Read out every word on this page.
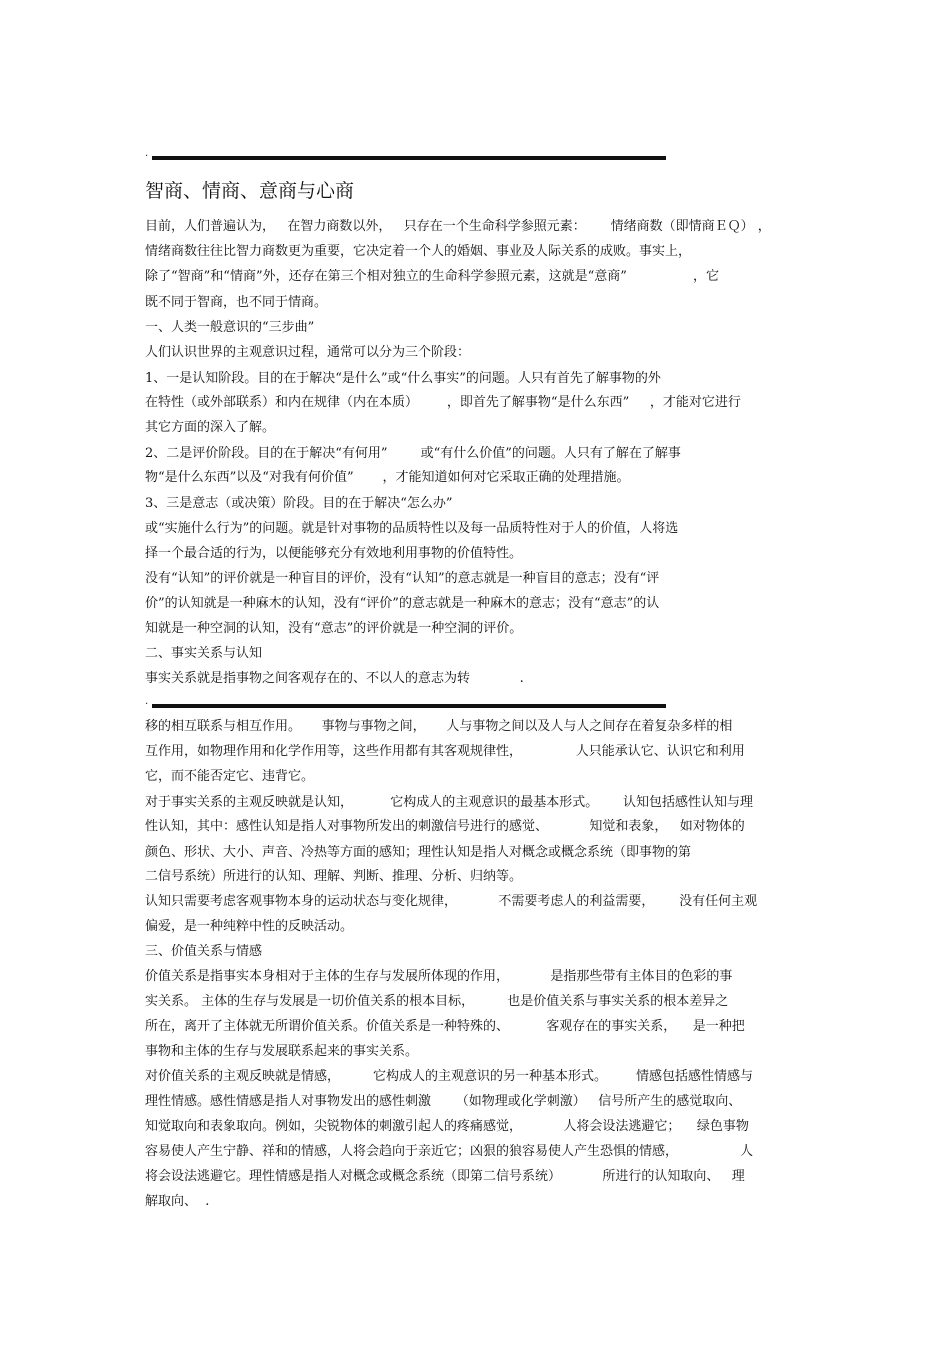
·
智商、情商、意商与心商
目前，人们普遍认为，   在智力商数以外，   只存在一个生命科学参照元素：      情绪商数（即情商ＥＱ） ，
情绪商数往往比智力商数更为重要，它决定着一个人的婚姻、事业及人际关系的成败。事实上，
除了“智商”和“情商”外，还存在第三个相对独立的生命科学参照元素，这就是“意商”                ，它
既不同于智商，也不同于情商。
一、人类一般意识的“三步曲”
人们认识世界的主观意识过程，通常可以分为三个阶段：
1、一是认知阶段。目的在于解决“是什么”或“什么事实”的问题。人只有首先了解事物的外
在特性（或外部联系）和内在规律（内在本质）       ，即首先了解事物“是什么东西”     ，才能对它进行
其它方面的深入了解。
2、二是评价阶段。目的在于解决“有何用”        或“有什么价值”的问题。人只有了解在了解事
物“是什么东西”以及“对我有何价值”       ，才能知道如何对它采取正确的处理措施。
3、三是意志（或决策）阶段。目的在于解决“怎么办”
或“实施什么行为”的问题。就是针对事物的品质特性以及每一品质特性对于人的价值，人将选
择一个最合适的行为，以便能够充分有效地利用事物的价值特性。
没有“认知”的评价就是一种盲目的评价，没有“认知”的意志就是一种盲目的意志；没有“评
价”的认知就是一种麻木的认知，没有“评价”的意志就是一种麻木的意志；没有“意志”的认
知就是一种空洞的认知，没有“意志”的评价就是一种空洞的评价。
二、事实关系与认知
事实关系就是指事物之间客观存在的、不以人的意志为转            .
·
移的相互联系与相互作用。     事物与事物之间，     人与事物之间以及人与人之间存在着复杂多样的相
互作用，如物理作用和化学作用等，这些作用都有其客观规律性，             人只能承认它、认识它和利用
它，而不能否定它、违背它。
对于事实关系的主观反映就是认知，         它构成人的主观意识的最基本形式。      认知包括感性认知与理
性认知，其中：感性认知是指人对事物所发出的刺激信号进行的感觉、          知觉和表象，   如对物体的
颜色、形状、大小、声音、冷热等方面的感知；理性认知是指人对概念或概念系统（即事物的第
二信号系统）所进行的认知、理解、判断、推理、分析、归纳等。
认知只需要考虑客观事物本身的运动状态与变化规律，          不需要考虑人的利益需要，      没有任何主观
偏爱，是一种纯粹中性的反映活动。
三、价值关系与情感
价值关系是指事实本身相对于主体的生存与发展所体现的作用，          是指那些带有主体目的色彩的事
实关系。 主体的生存与发展是一切价值关系的根本目标，        也是价值关系与事实关系的根本差异之
所在，离开了主体就无所谓价值关系。价值关系是一种特殊的、         客观存在的事实关系，    是一种把
事物和主体的生存与发展联系起来的事实关系。
对价值关系的主观反映就是情感，        它构成人的主观意识的另一种基本形式。       情感包括感性情感与
理性情感。感性情感是指人对事物发出的感性刺激      （如物理或化学刺激）   信号所产生的感觉取向、
知觉取向和表象取向。例如，尖锐物体的刺激引起人的疼痛感觉，          人将会设法逃避它；    绿色事物
容易使人产生宁静、祥和的情感，人将会趋向于亲近它；凶狠的狼容易使人产生恐惧的情感，               人
将会设法逃避它。理性情感是指人对概念或概念系统（即第二信号系统）          所进行的认知取向、   理
解取向、  .
